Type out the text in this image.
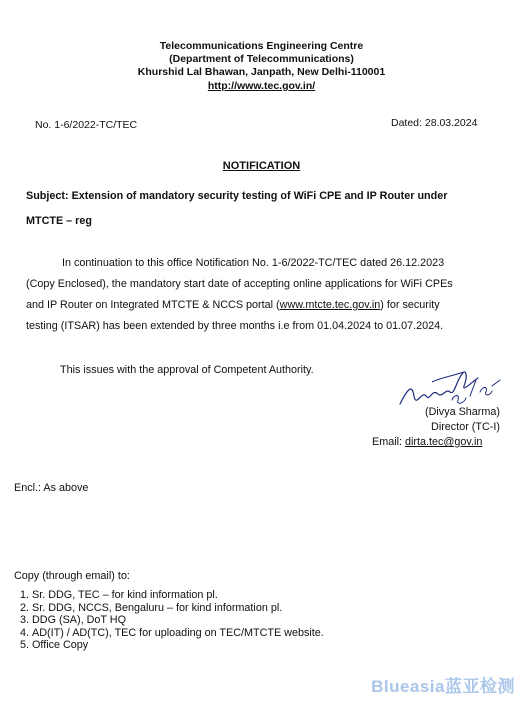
Telecommunications Engineering Centre
(Department of Telecommunications)
Khurshid Lal Bhawan, Janpath, New Delhi-110001
http://www.tec.gov.in/
No. 1-6/2022-TC/TEC	Dated: 28.03.2024
NOTIFICATION
Subject: Extension of mandatory security testing of WiFi CPE and IP Router under
MTCTE – reg
In continuation to this office Notification No. 1-6/2022-TC/TEC dated 26.12.2023
(Copy Enclosed), the mandatory start date of accepting online applications for WiFi CPEs
and IP Router on Integrated MTCTE & NCCS portal (www.mtcte.tec.gov.in) for security
testing (ITSAR) has been extended by three months i.e from 01.04.2024 to 01.07.2024.
This issues with the approval of Competent Authority.
(Divya Sharma)
Director (TC-I)
Email: dirta.tec@gov.in
Encl.: As above
Copy (through email) to:
1. Sr. DDG, TEC – for kind information pl.
2. Sr. DDG, NCCS, Bengaluru – for kind information pl.
3. DDG (SA), DoT HQ
4. AD(IT) / AD(TC), TEC for uploading on TEC/MTCTE website.
5. Office Copy
Blueasia蓝亚检测
